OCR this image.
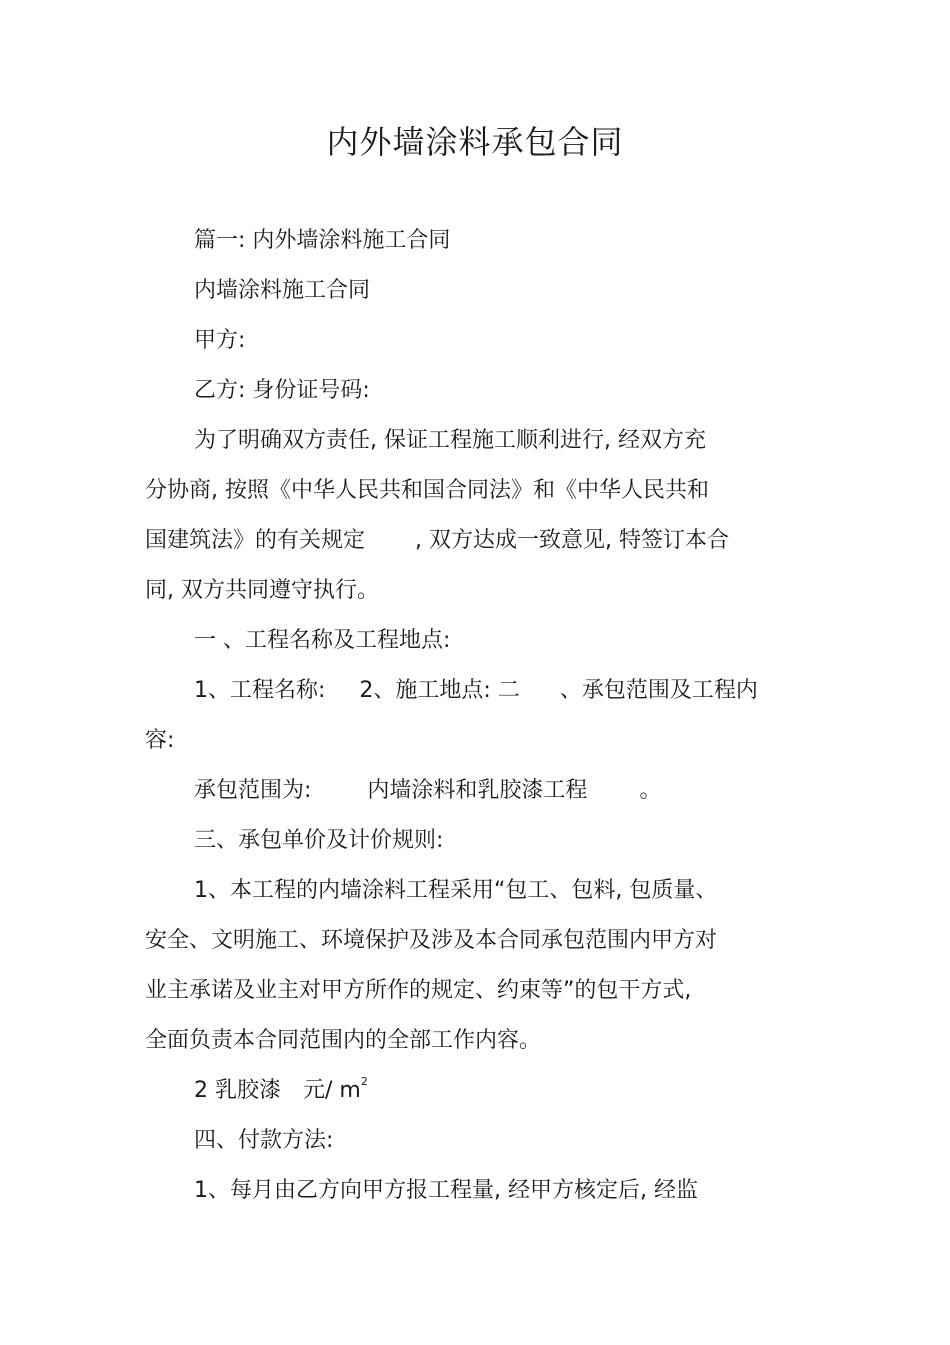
内外墙涂料承包合同
篇一: 内外墙涂料施工合同
内墙涂料施工合同
甲方:
乙方: 身份证号码:
为了明确双方责任, 保证工程施工顺利进行, 经双方充
分协商, 按照《中华人民共和国合同法》和《中华人民共和
国建筑法》的有关规定 , 双方达成一致意见, 特签订本合
同, 双方共同遵守执行。
一 、工程名称及工程地点:
1、工程名称: 2、施工地点: 二 、承包范围及工程内
容:
承包范围为:	内墙涂料和乳胶漆工程 。
三、承包单价及计价规则:
1、本工程的内墙涂料工程采用“包工、包料, 包质量、
安全、文明施工、环境保护及涉及本合同承包范围内甲方对
业主承诺及业主对甲方所作的规定、约束等”的包干方式,
全面负责本合同范围内的全部工作内容。
2 乳胶漆 元/ $m^2$
四、付款方法:
1、每月由乙方向甲方报工程量, 经甲方核定后, 经监
